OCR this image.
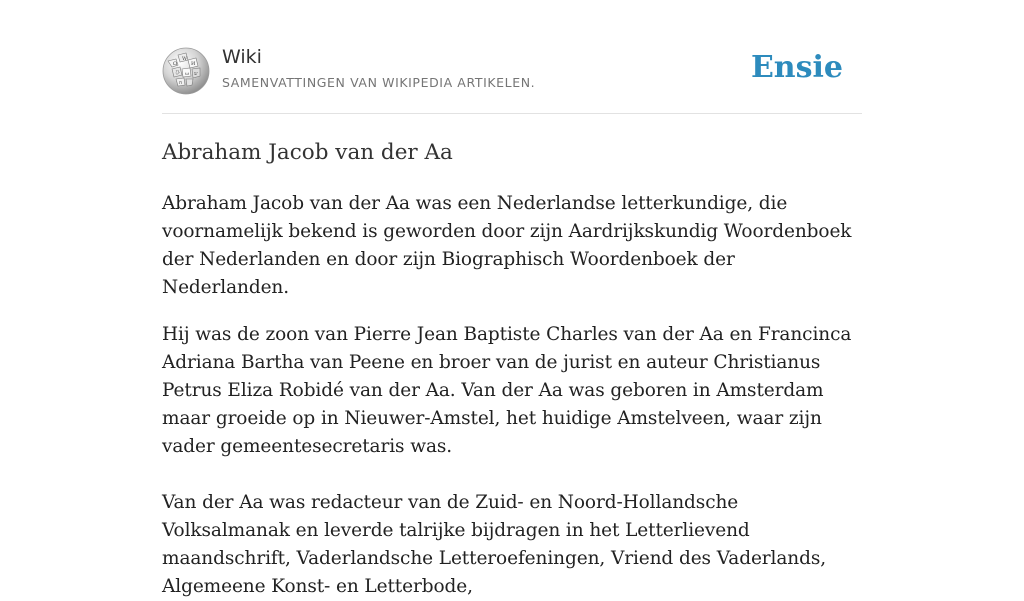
Ω
W
И
ひ ω ש
ก
Wiki
SAMENVATTINGEN VAN WIKIPEDIA ARTIKELEN.	Ensie
Abraham Jacob van der Aa

Abraham Jacob van der Aa was een Nederlandse letterkundige, die voornamelijk bekend is geworden door zijn Aardrijkskundig Woordenboek der Nederlanden en door zijn Biographisch Woordenboek der Nederlanden.

Hij was de zoon van Pierre Jean Baptiste Charles van der Aa en Francinca Adriana Bartha van Peene en broer van de jurist en auteur Christianus Petrus Eliza Robidé van der Aa. Van der Aa was geboren in Amsterdam maar groeide op in Nieuwer-Amstel, het huidige Amstelveen, waar zijn vader gemeentesecretaris was.

Van der Aa was redacteur van de Zuid- en Noord-Hollandsche Volksalmanak en leverde talrijke bijdragen in het Letterlievend maandschrift, Vaderlandsche Letteroefeningen, Vriend des Vaderlands, Algemeene Konst- en Letterbode,
